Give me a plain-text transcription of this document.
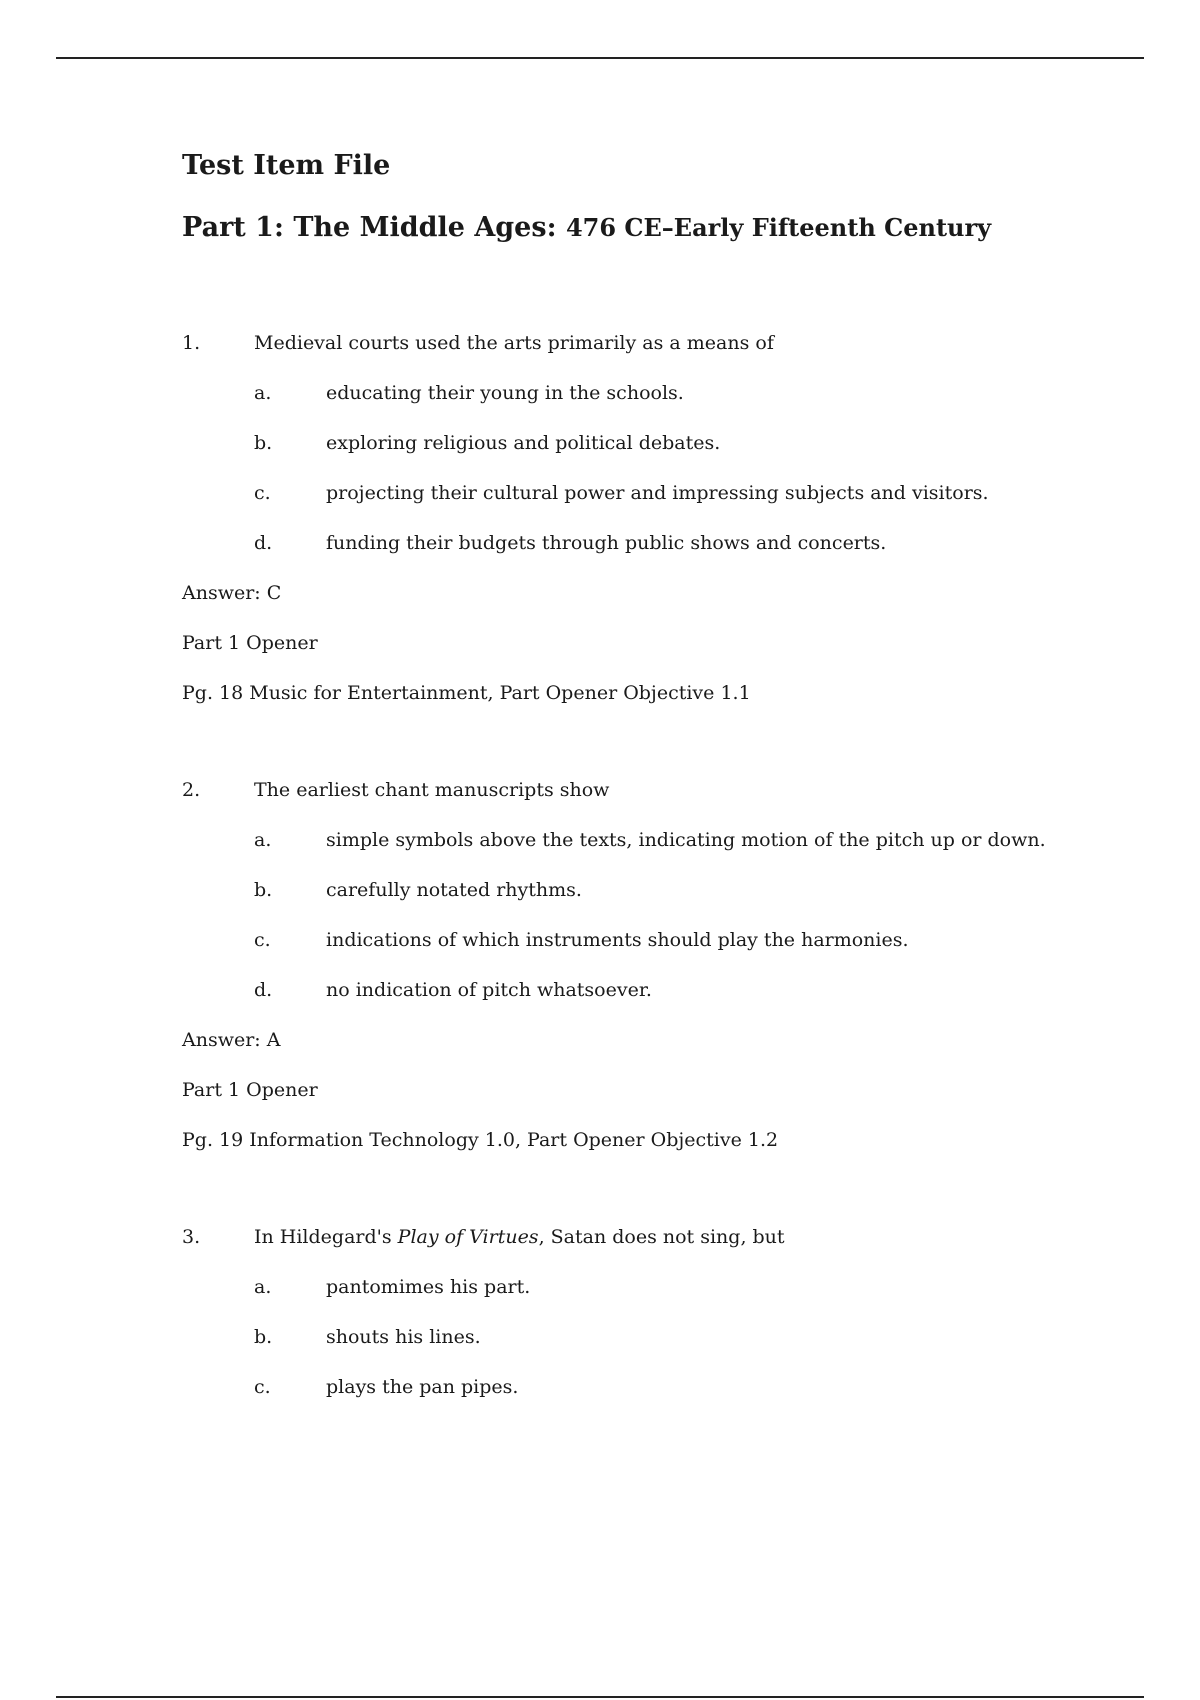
Test Item File
Part 1: The Middle Ages: 476 CE–Early Fifteenth Century
1.	Medieval courts used the arts primarily as a means of
a.	educating their young in the schools.
b.	exploring religious and political debates.
c.	projecting their cultural power and impressing subjects and visitors.
d.	funding their budgets through public shows and concerts.
Answer: C
Part 1 Opener
Pg. 18 Music for Entertainment, Part Opener Objective 1.1
2.	The earliest chant manuscripts show
a.	simple symbols above the texts, indicating motion of the pitch up or down.
b.	carefully notated rhythms.
c.	indications of which instruments should play the harmonies.
d.	no indication of pitch whatsoever.
Answer: A
Part 1 Opener
Pg. 19 Information Technology 1.0, Part Opener Objective 1.2
3.	In Hildegard's Play of Virtues, Satan does not sing, but
a.	pantomimes his part.
b.	shouts his lines.
c.	plays the pan pipes.
